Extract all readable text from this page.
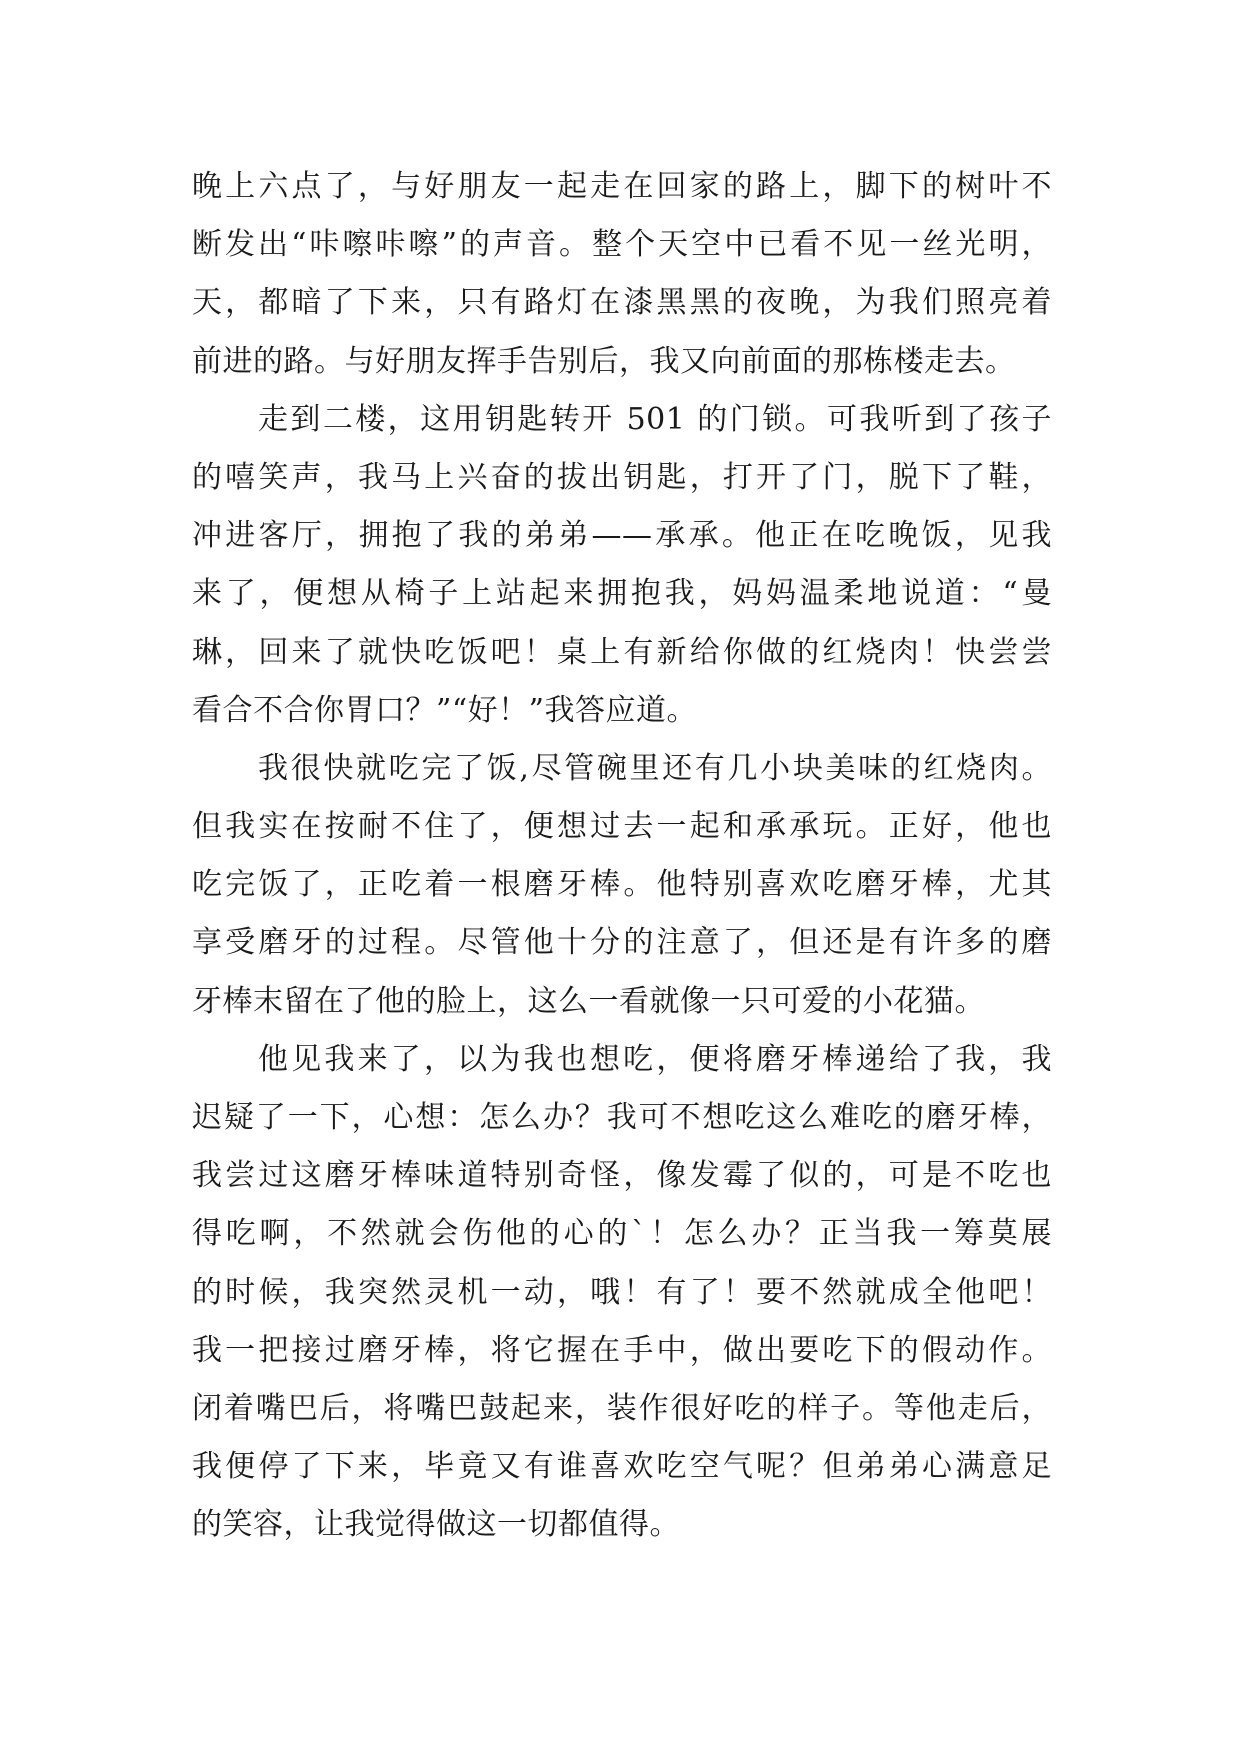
晚上六点了，与好朋友一起走在回家的路上，脚下的树叶不
断发出“咔嚓咔嚓”的声音。整个天空中已看不见一丝光明，
天，都暗了下来，只有路灯在漆黑黑的夜晚，为我们照亮着
前进的路。与好朋友挥手告别后，我又向前面的那栋楼走去。
走到二楼，这用钥匙转开 501 的门锁。可我听到了孩子
的嘻笑声，我马上兴奋的拔出钥匙，打开了门，脱下了鞋，
冲进客厅，拥抱了我的弟弟——承承。他正在吃晚饭，见我
来了，便想从椅子上站起来拥抱我，妈妈温柔地说道：“曼
琳，回来了就快吃饭吧！桌上有新给你做的红烧肉！快尝尝
看合不合你胃口？”“好！”我答应道。
我很快就吃完了饭,尽管碗里还有几小块美味的红烧肉。
但我实在按耐不住了，便想过去一起和承承玩。正好，他也
吃完饭了，正吃着一根磨牙棒。他特别喜欢吃磨牙棒，尤其
享受磨牙的过程。尽管他十分的注意了，但还是有许多的磨
牙棒末留在了他的脸上，这么一看就像一只可爱的小花猫。
他见我来了，以为我也想吃，便将磨牙棒递给了我，我
迟疑了一下，心想：怎么办？我可不想吃这么难吃的磨牙棒，
我尝过这磨牙棒味道特别奇怪，像发霉了似的，可是不吃也
得吃啊，不然就会伤他的心的`！怎么办？正当我一筹莫展
的时候，我突然灵机一动，哦！有了！要不然就成全他吧！
我一把接过磨牙棒，将它握在手中，做出要吃下的假动作。
闭着嘴巴后，将嘴巴鼓起来，装作很好吃的样子。等他走后，
我便停了下来，毕竟又有谁喜欢吃空气呢？但弟弟心满意足
的笑容，让我觉得做这一切都值得。
